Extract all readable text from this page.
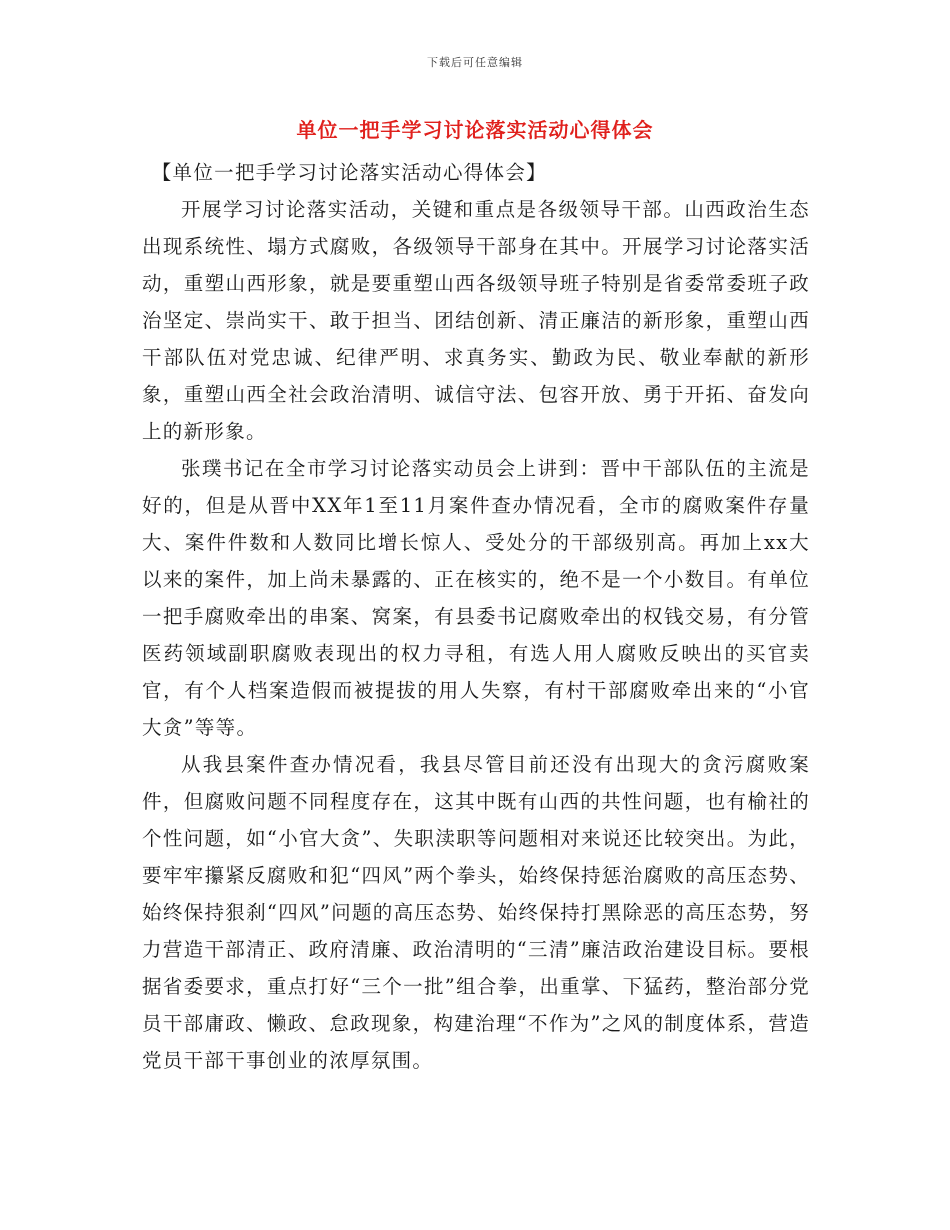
下载后可任意编辑
单位一把手学习讨论落实活动心得体会

【单位一把手学习讨论落实活动心得体会】

开展学习讨论落实活动，关键和重点是各级领导干部。山西政治生态出现系统性、塌方式腐败，各级领导干部身在其中。开展学习讨论落实活动，重塑山西形象，就是要重塑山西各级领导班子特别是省委常委班子政治坚定、崇尚实干、敢于担当、团结创新、清正廉洁的新形象，重塑山西干部队伍对党忠诚、纪律严明、求真务实、勤政为民、敬业奉献的新形象，重塑山西全社会政治清明、诚信守法、包容开放、勇于开拓、奋发向上的新形象。

张璞书记在全市学习讨论落实动员会上讲到：晋中干部队伍的主流是好的，但是从晋中XX年1至11月案件查办情况看，全市的腐败案件存量大、案件件数和人数同比增长惊人、受处分的干部级别高。再加上xx大以来的案件，加上尚未暴露的、正在核实的，绝不是一个小数目。有单位一把手腐败牵出的串案、窝案，有县委书记腐败牵出的权钱交易，有分管医药领域副职腐败表现出的权力寻租，有选人用人腐败反映出的买官卖官，有个人档案造假而被提拔的用人失察，有村干部腐败牵出来的“小官大贪”等等。

从我县案件查办情况看，我县尽管目前还没有出现大的贪污腐败案件，但腐败问题不同程度存在，这其中既有山西的共性问题，也有榆社的个性问题，如“小官大贪”、失职渎职等问题相对来说还比较突出。为此，要牢牢攥紧反腐败和犯“四风”两个拳头，始终保持惩治腐败的高压态势、始终保持狠刹“四风”问题的高压态势、始终保持打黑除恶的高压态势，努力营造干部清正、政府清廉、政治清明的“三清”廉洁政治建设目标。要根据省委要求，重点打好“三个一批”组合拳，出重掌、下猛药，整治部分党员干部庸政、懒政、怠政现象，构建治理“不作为”之风的制度体系，营造党员干部干事创业的浓厚氛围。
